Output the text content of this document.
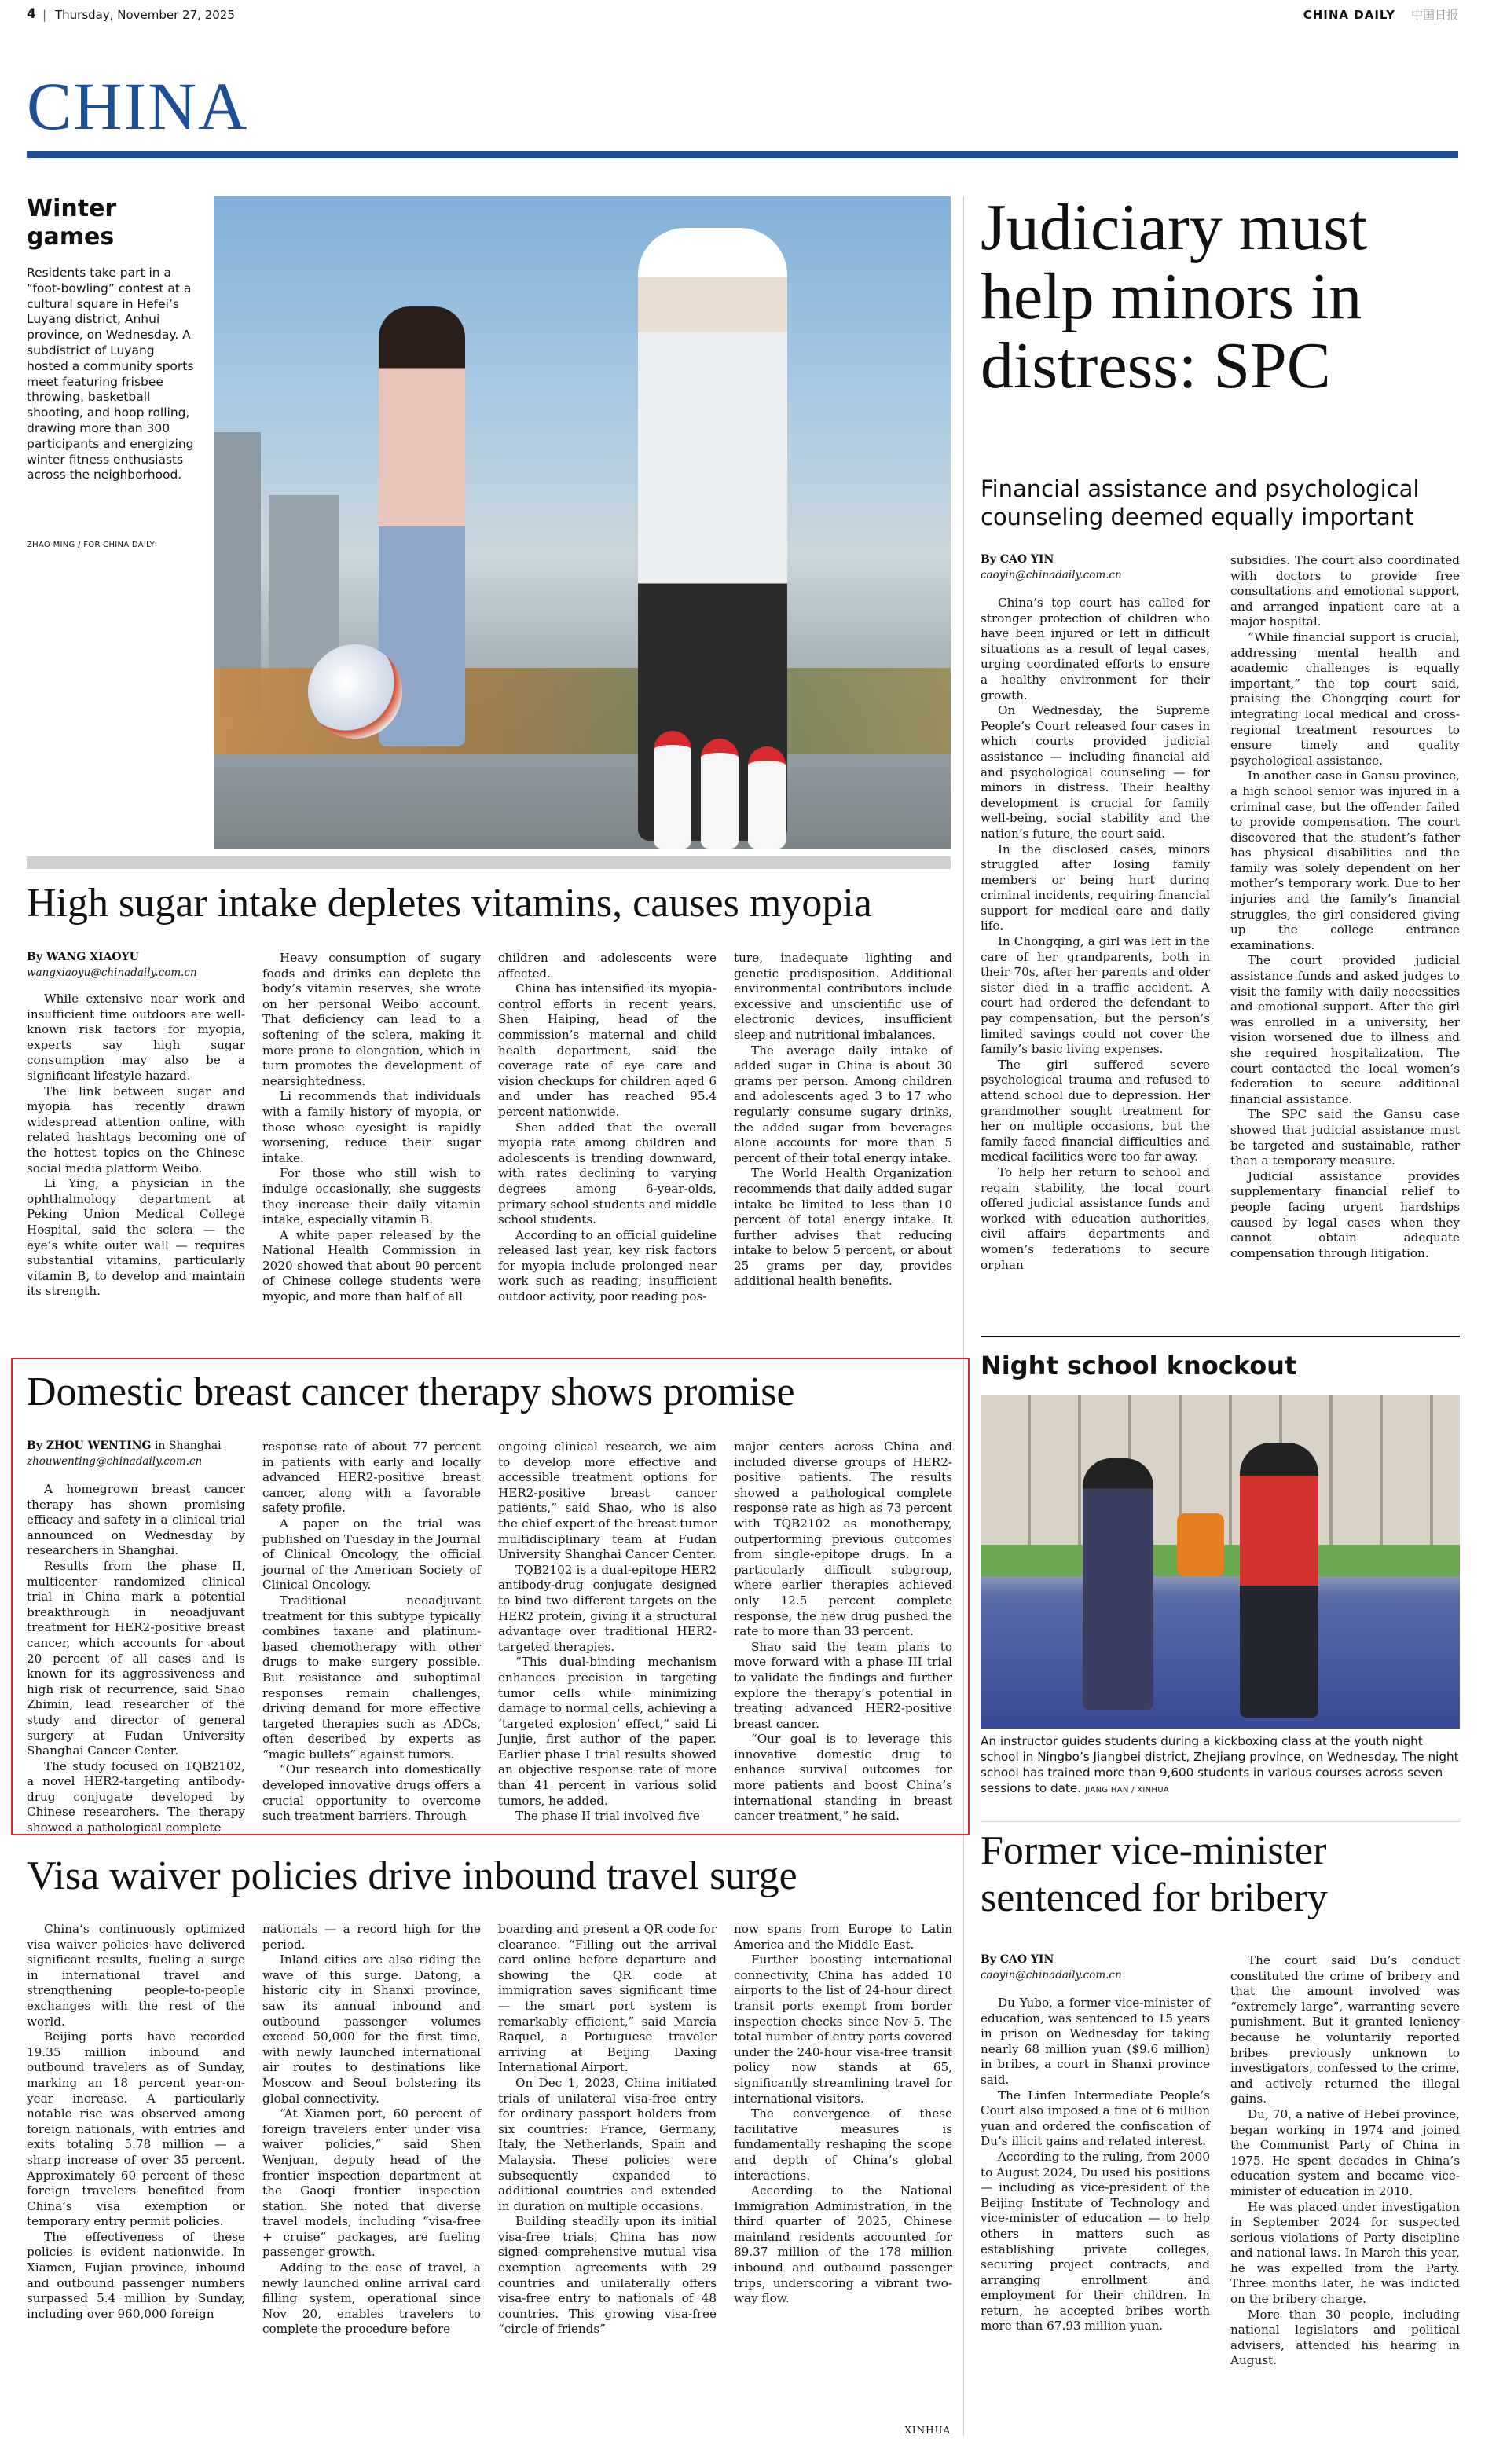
4 | Thursday, November 27, 2025	CHINA DAILY 中国日报
CHINA
Winter games
Residents take part in a “foot-bowling” contest at a cultural square in Hefei’s Luyang district, Anhui province, on Wednesday. A subdistrict of Luyang hosted a community sports meet featuring frisbee throwing, basketball shooting, and hoop rolling, drawing more than 300 participants and energizing winter fitness enthusiasts across the neighborhood.
ZHAO MING / FOR CHINA DAILY
High sugar intake depletes vitamins, causes myopia
By WANG XIAOYU
wangxiaoyu@chinadaily.com.cn

While extensive near work and insufficient time outdoors are well-known risk factors for myopia, experts say high sugar consumption may also be a significant lifestyle hazard.

The link between sugar and myopia has recently drawn widespread attention online, with related hashtags becoming one of the hottest topics on the Chinese social media platform Weibo.

Li Ying, a physician in the ophthalmology department at Peking Union Medical College Hospital, said the sclera — the eye’s white outer wall — requires substantial vitamins, particularly vitamin B, to develop and maintain its strength.

Heavy consumption of sugary foods and drinks can deplete the body’s vitamin reserves, she wrote on her personal Weibo account. That deficiency can lead to a softening of the sclera, making it more prone to elongation, which in turn promotes the development of nearsightedness.

Li recommends that individuals with a family history of myopia, or those whose eyesight is rapidly worsening, reduce their sugar intake.

For those who still wish to indulge occasionally, she suggests they increase their daily vitamin intake, especially vitamin B.

A white paper released by the National Health Commission in 2020 showed that about 90 percent of Chinese college students were myopic, and more than half of all

children and adolescents were affected.

China has intensified its myopia-control efforts in recent years. Shen Haiping, head of the commission’s maternal and child health department, said the coverage rate of eye care and vision checkups for children aged 6 and under has reached 95.4 percent nationwide.

Shen added that the overall myopia rate among children and adolescents is trending downward, with rates declining to varying degrees among 6-year-olds, primary school students and middle school students.

According to an official guideline released last year, key risk factors for myopia include prolonged near work such as reading, insufficient outdoor activity, poor reading pos-

ture, inadequate lighting and genetic predisposition. Additional environmental contributors include excessive and unscientific use of electronic devices, insufficient sleep and nutritional imbalances.

The average daily intake of added sugar in China is about 30 grams per person. Among children and adolescents aged 3 to 17 who regularly consume sugary drinks, the added sugar from beverages alone accounts for more than 5 percent of their total energy intake.

The World Health Organization recommends that daily added sugar intake be limited to less than 10 percent of total energy intake. It further advises that reducing intake to below 5 percent, or about 25 grams per day, provides additional health benefits.

Domestic breast cancer therapy shows promise
By ZHOU WENTING in Shanghai
zhouwenting@chinadaily.com.cn

A homegrown breast cancer therapy has shown promising efficacy and safety in a clinical trial announced on Wednesday by researchers in Shanghai.

Results from the phase II, multicenter randomized clinical trial in China mark a potential breakthrough in neoadjuvant treatment for HER2-positive breast cancer, which accounts for about 20 percent of all cases and is known for its aggressiveness and high risk of recurrence, said Shao Zhimin, lead researcher of the study and director of general surgery at Fudan University Shanghai Cancer Center.

The study focused on TQB2102, a novel HER2-targeting antibody-drug conjugate developed by Chinese researchers. The therapy showed a pathological complete

response rate of about 77 percent in patients with early and locally advanced HER2-positive breast cancer, along with a favorable safety profile.

A paper on the trial was published on Tuesday in the Journal of Clinical Oncology, the official journal of the American Society of Clinical Oncology.

Traditional neoadjuvant treatment for this subtype typically combines taxane and platinum-based chemotherapy with other drugs to make surgery possible. But resistance and suboptimal responses remain challenges, driving demand for more effective targeted therapies such as ADCs, often described by experts as “magic bullets” against tumors.

“Our research into domestically developed innovative drugs offers a crucial opportunity to overcome such treatment barriers. Through

ongoing clinical research, we aim to develop more effective and accessible treatment options for HER2-positive breast cancer patients,” said Shao, who is also the chief expert of the breast tumor multidisciplinary team at Fudan University Shanghai Cancer Center.

TQB2102 is a dual-epitope HER2 antibody-drug conjugate designed to bind two different targets on the HER2 protein, giving it a structural advantage over traditional HER2-targeted therapies.

“This dual-binding mechanism enhances precision in targeting tumor cells while minimizing damage to normal cells, achieving a ‘targeted explosion’ effect,” said Li Junjie, first author of the paper. Earlier phase I trial results showed an objective response rate of more than 41 percent in various solid tumors, he added.

The phase II trial involved five

major centers across China and included diverse groups of HER2-positive patients. The results showed a pathological complete response rate as high as 73 percent with TQB2102 as monotherapy, outperforming previous outcomes from single-epitope drugs. In a particularly difficult subgroup, where earlier therapies achieved only 12.5 percent complete response, the new drug pushed the rate to more than 33 percent.

Shao said the team plans to move forward with a phase III trial to validate the findings and further explore the therapy’s potential in treating advanced HER2-positive breast cancer.

“Our goal is to leverage this innovative domestic drug to enhance survival outcomes for more patients and boost China’s international standing in breast cancer treatment,” he said.

Visa waiver policies drive inbound travel surge

China’s continuously optimized visa waiver policies have delivered significant results, fueling a surge in international travel and strengthening people-to-people exchanges with the rest of the world.

Beijing ports have recorded 19.35 million inbound and outbound travelers as of Sunday, marking an 18 percent year-on-year increase. A particularly notable rise was observed among foreign nationals, with entries and exits totaling 5.78 million — a sharp increase of over 35 percent. Approximately 60 percent of these foreign travelers benefited from China’s visa exemption or temporary entry permit policies.

The effectiveness of these policies is evident nationwide. In Xiamen, Fujian province, inbound and outbound passenger numbers surpassed 5.4 million by Sunday, including over 960,000 foreign

nationals — a record high for the period.

Inland cities are also riding the wave of this surge. Datong, a historic city in Shanxi province, saw its annual inbound and outbound passenger volumes exceed 50,000 for the first time, with newly launched international air routes to destinations like Moscow and Seoul bolstering its global connectivity.

“At Xiamen port, 60 percent of foreign travelers enter under visa waiver policies,” said Shen Wenjuan, deputy head of the frontier inspection department at the Gaoqi frontier inspection station. She noted that diverse travel models, including “visa-free + cruise” packages, are fueling passenger growth.

Adding to the ease of travel, a newly launched online arrival card filling system, operational since Nov 20, enables travelers to complete the procedure before

boarding and present a QR code for clearance. “Filling out the arrival card online before departure and showing the QR code at immigration saves significant time — the smart port system is remarkably efficient,” said Marcia Raquel, a Portuguese traveler arriving at Beijing Daxing International Airport.

On Dec 1, 2023, China initiated trials of unilateral visa-free entry for ordinary passport holders from six countries: France, Germany, Italy, the Netherlands, Spain and Malaysia. These policies were subsequently expanded to additional countries and extended in duration on multiple occasions.

Building steadily upon its initial visa-free trials, China has now signed comprehensive mutual visa exemption agreements with 29 countries and unilaterally offers visa-free entry to nationals of 48 countries. This growing visa-free “circle of friends”

now spans from Europe to Latin America and the Middle East.

Further boosting international connectivity, China has added 10 airports to the list of 24-hour direct transit ports exempt from border inspection checks since Nov 5. The total number of entry ports covered under the 240-hour visa-free transit policy now stands at 65, significantly streamlining travel for international visitors.

The convergence of these facilitative measures is fundamentally reshaping the scope and depth of China’s global interactions.

According to the National Immigration Administration, in the third quarter of 2025, Chinese mainland residents accounted for 89.37 million of the 178 million inbound and outbound passenger trips, underscoring a vibrant two-way flow.

XINHUA
Judiciary must help minors in distress: SPC
Financial assistance and psychological counseling deemed equally important
By CAO YIN
caoyin@chinadaily.com.cn

China’s top court has called for stronger protection of children who have been injured or left in difficult situations as a result of legal cases, urging coordinated efforts to ensure a healthy environment for their growth.

On Wednesday, the Supreme People’s Court released four cases in which courts provided judicial assistance — including financial aid and psychological counseling — for minors in distress. Their healthy development is crucial for family well-being, social stability and the nation’s future, the court said.

In the disclosed cases, minors struggled after losing family members or being hurt during criminal incidents, requiring financial support for medical care and daily life.

In Chongqing, a girl was left in the care of her grandparents, both in their 70s, after her parents and older sister died in a traffic accident. A court had ordered the defendant to pay compensation, but the person’s limited savings could not cover the family’s basic living expenses.

The girl suffered severe psychological trauma and refused to attend school due to depression. Her grandmother sought treatment for her on multiple occasions, but the family faced financial difficulties and medical facilities were too far away.

To help her return to school and regain stability, the local court offered judicial assistance funds and worked with education authorities, civil affairs departments and women’s federations to secure orphan

subsidies. The court also coordinated with doctors to provide free consultations and emotional support, and arranged inpatient care at a major hospital.

“While financial support is crucial, addressing mental health and academic challenges is equally important,” the top court said, praising the Chongqing court for integrating local medical and cross-regional treatment resources to ensure timely and quality psychological assistance.

In another case in Gansu province, a high school senior was injured in a criminal case, but the offender failed to provide compensation. The court discovered that the student’s father has physical disabilities and the family was solely dependent on her mother’s temporary work. Due to her injuries and the family’s financial struggles, the girl considered giving up the college entrance examinations.

The court provided judicial assistance funds and asked judges to visit the family with daily necessities and emotional support. After the girl was enrolled in a university, her vision worsened due to illness and she required hospitalization. The court contacted the local women’s federation to secure additional financial assistance.

The SPC said the Gansu case showed that judicial assistance must be targeted and sustainable, rather than a temporary measure.

Judicial assistance provides supplementary financial relief to people facing urgent hardships caused by legal cases when they cannot obtain adequate compensation through litigation.

Night school knockout
An instructor guides students during a kickboxing class at the youth night school in Ningbo’s Jiangbei district, Zhejiang province, on Wednesday. The night school has trained more than 9,600 students in various courses across seven sessions to date. JIANG HAN / XINHUA
Former vice-minister sentenced for bribery
By CAO YIN
caoyin@chinadaily.com.cn

Du Yubo, a former vice-minister of education, was sentenced to 15 years in prison on Wednesday for taking nearly 68 million yuan ($9.6 million) in bribes, a court in Shanxi province said.

The Linfen Intermediate People’s Court also imposed a fine of 6 million yuan and ordered the confiscation of Du’s illicit gains and related interest.

According to the ruling, from 2000 to August 2024, Du used his positions — including as vice-president of the Beijing Institute of Technology and vice-minister of education — to help others in matters such as establishing private colleges, securing project contracts, and arranging enrollment and employment for their children. In return, he accepted bribes worth more than 67.93 million yuan.

The court said Du’s conduct constituted the crime of bribery and that the amount involved was “extremely large”, warranting severe punishment. But it granted leniency because he voluntarily reported bribes previously unknown to investigators, confessed to the crime, and actively returned the illegal gains.

Du, 70, a native of Hebei province, began working in 1974 and joined the Communist Party of China in 1975. He spent decades in China’s education system and became vice-minister of education in 2010.

He was placed under investigation in September 2024 for suspected serious violations of Party discipline and national laws. In March this year, he was expelled from the Party. Three months later, he was indicted on the bribery charge.

More than 30 people, including national legislators and political advisers, attended his hearing in August.
